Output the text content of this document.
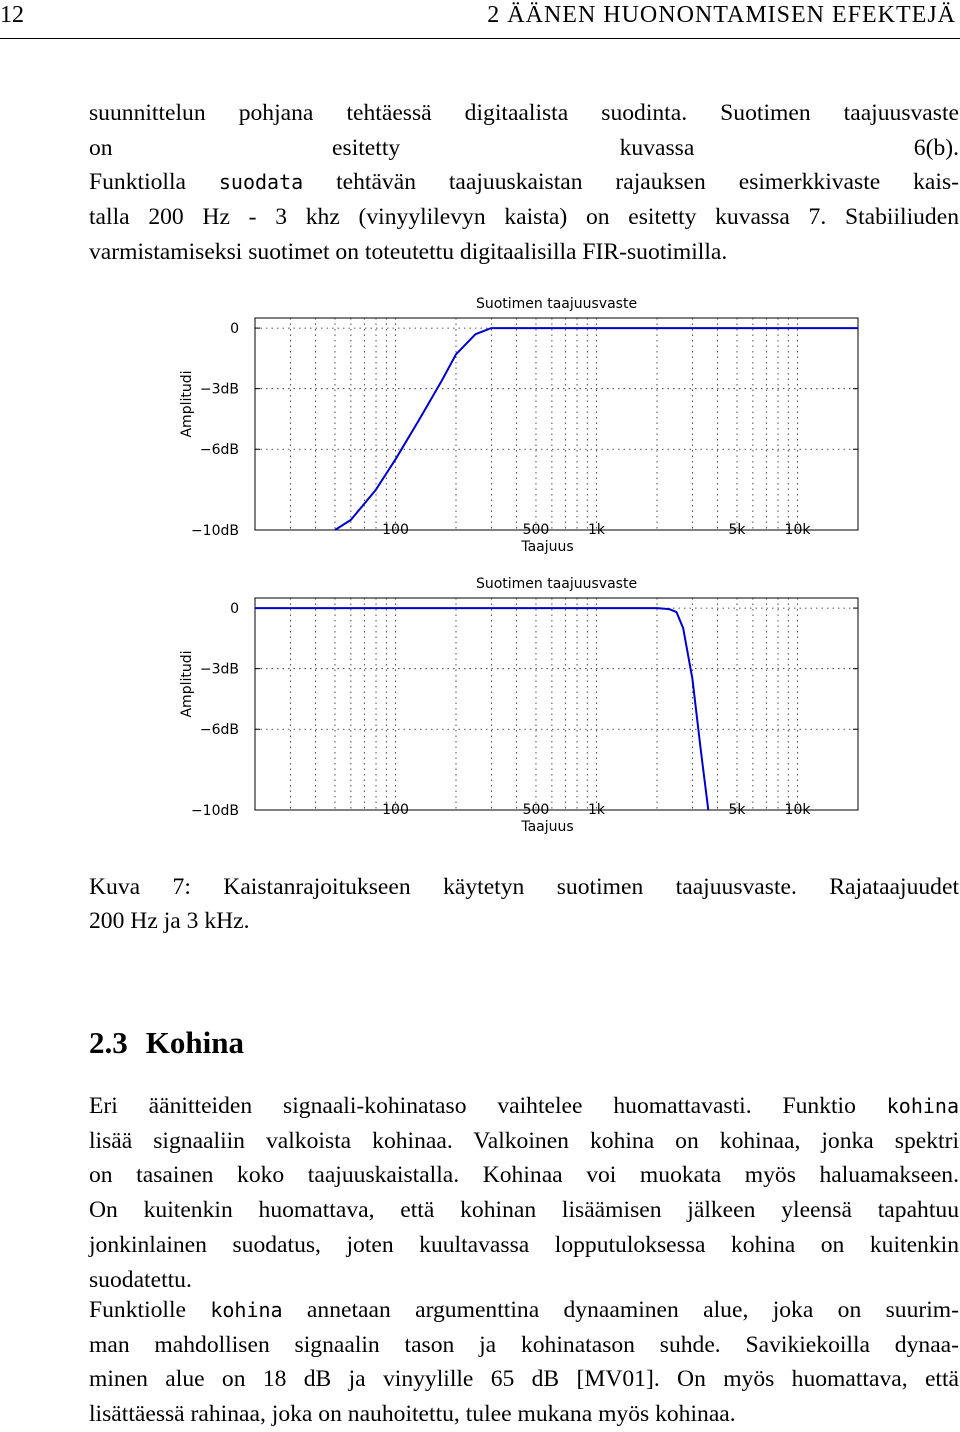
12	2 ÄÄNEN HUONONTAMISEN EFEKTEJÄ
suunnittelun pohjana tehtäessä digitaalista suodinta. Suotimen taajuusvaste
on esitetty kuvassa 6(b).
Funktiolla suodata tehtävän taajuuskaistan rajauksen esimerkkivaste kais-
talla 200 Hz - 3 khz (vinyylilevyn kaista) on esitetty kuvassa 7. Stabiiliuden
varmistamiseksi suotimet on toteutettu digitaalisilla FIR-suotimilla.
Suotimen taajuusvaste
0
−3dB
−6dB
−10dB	100	500	1k	5k	10k
Taajuus
Amplitudi
Suotimen taajuusvaste
0
−3dB
−6dB
−10dB	100	500	1k	5k	10k
Taajuus
Amplitudi
Kuva 7: Kaistanrajoitukseen käytetyn suotimen taajuusvaste. Rajataajuudet
200 Hz ja 3 kHz.
2.3 Kohina
Eri äänitteiden signaali-kohinataso vaihtelee huomattavasti. Funktio kohina
lisää signaaliin valkoista kohinaa. Valkoinen kohina on kohinaa, jonka spektri
on tasainen koko taajuuskaistalla. Kohinaa voi muokata myös haluamakseen.
On kuitenkin huomattava, että kohinan lisäämisen jälkeen yleensä tapahtuu
jonkinlainen suodatus, joten kuultavassa lopputuloksessa kohina on kuitenkin
suodatettu.
Funktiolle kohina annetaan argumenttina dynaaminen alue, joka on suurim-
man mahdollisen signaalin tason ja kohinatason suhde. Savikiekoilla dynaa-
minen alue on 18 dB ja vinyylille 65 dB [MV01]. On myös huomattava, että
lisättäessä rahinaa, joka on nauhoitettu, tulee mukana myös kohinaa.
